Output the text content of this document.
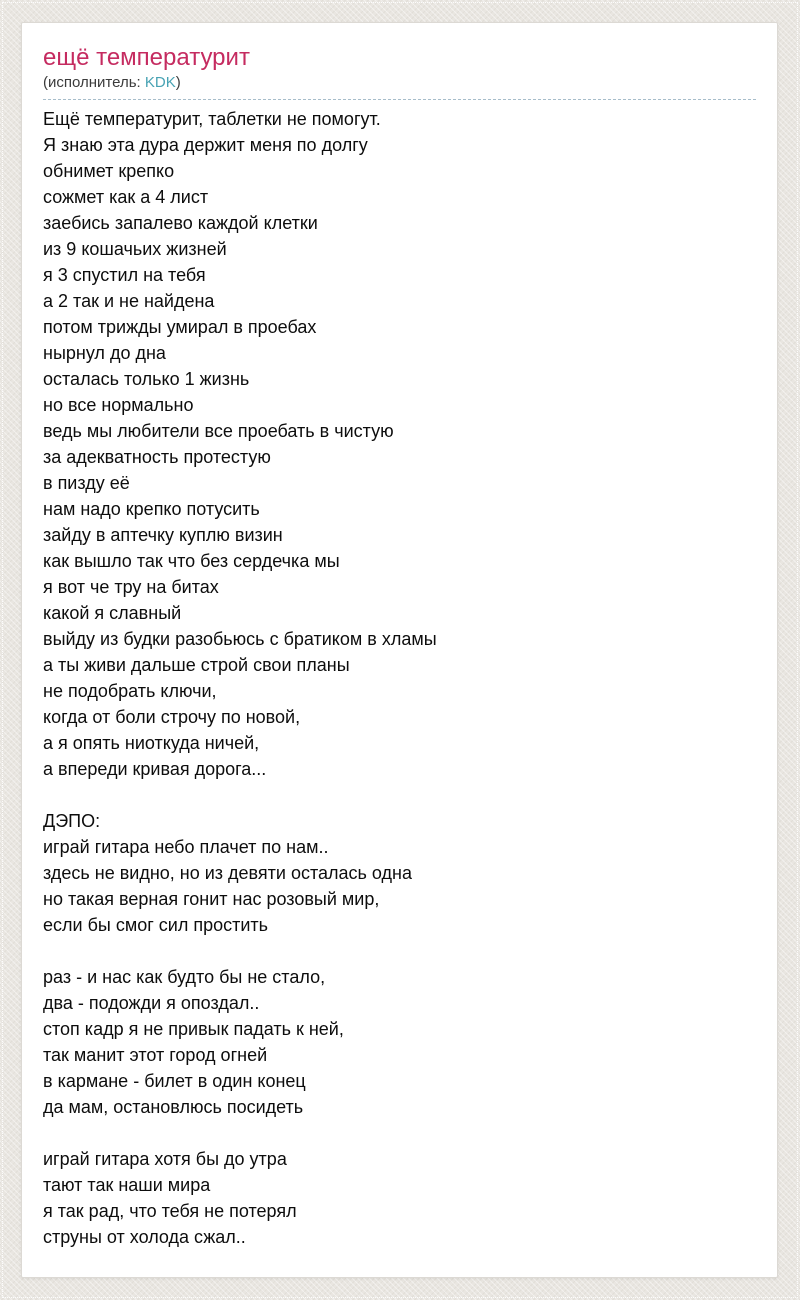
ещё температурит
(исполнитель: KDK)
Ещё температурит, таблетки не помогут.
Я знаю эта дура держит меня по долгу
обнимет крепко
сожмет как а 4 лист
заебись запалево каждой клетки
из 9 кошачьих жизней
я 3 спустил на тебя
а 2 так и не найдена
потом трижды умирал в проебах
нырнул до дна
осталась только 1 жизнь
но все нормально
ведь мы любители все проебать в чистую
за адекватность протестую
в пизду её
нам надо крепко потусить
зайду в аптечку куплю визин
как вышло так что без сердечка мы
я вот че тру на битах
какой я славный
выйду из будки разобьюсь с братиком в хламы
а ты живи дальше строй свои планы
не подобрать ключи,
когда от боли строчу по новой,
а я опять ниоткуда ничей,
а впереди кривая дорога...

ДЭПО:
играй гитара небо плачет по нам..
здесь не видно, но из девяти осталась одна
но такая верная гонит нас розовый мир,
если бы смог сил простить

раз - и нас как будто бы не стало,
два - подожди я опоздал..
стоп кадр я не привык падать к ней,
так манит этот город огней
в кармане - билет в один конец
да мам, остановлюсь посидеть

играй гитара хотя бы до утра
тают так наши мира
я так рад, что тебя не потерял
струны от холода сжал..
